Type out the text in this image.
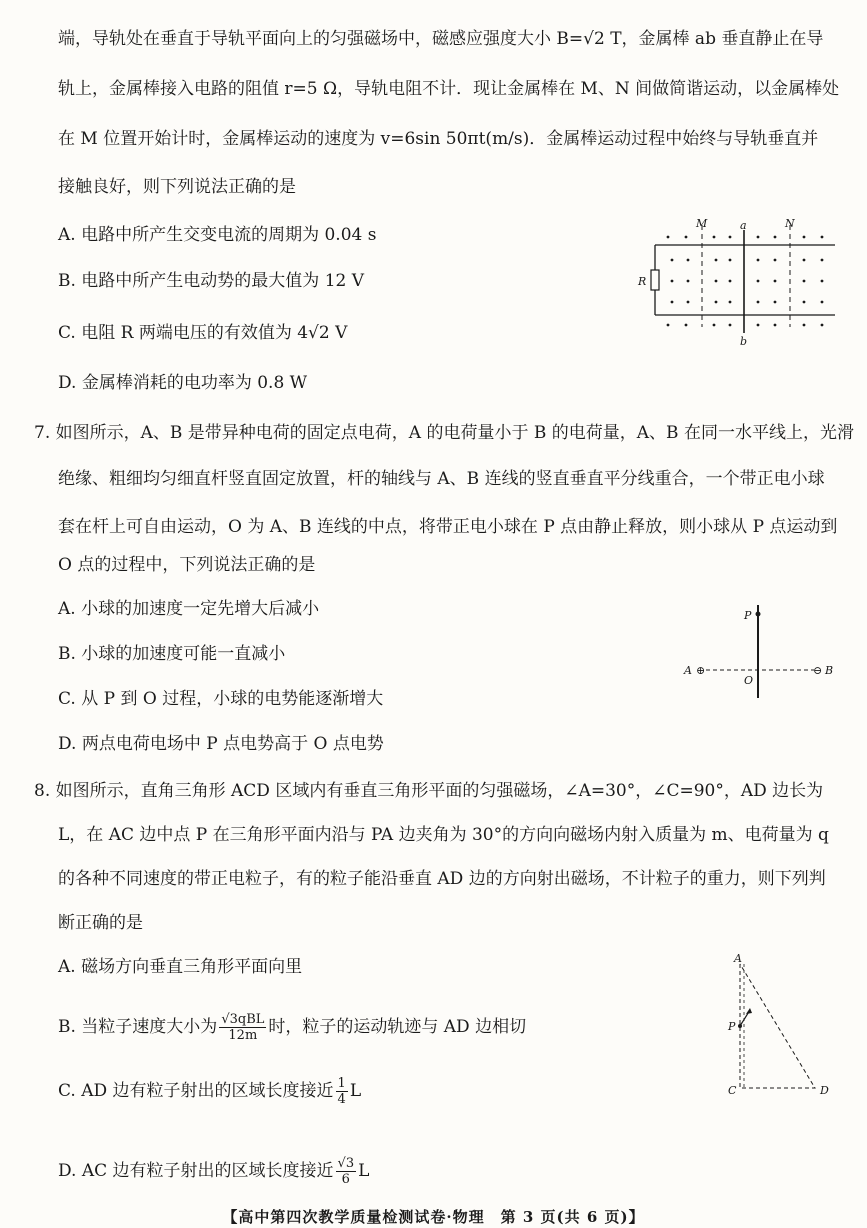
端，导轨处在垂直于导轨平面向上的匀强磁场中，磁感应强度大小 B=√2 T，金属棒 ab 垂直静止在导
轨上，金属棒接入电路的阻值 r=5 Ω，导轨电阻不计．现让金属棒在 M、N 间做简谐运动，以金属棒处
在 M 位置开始计时，金属棒运动的速度为 v=6sin 50πt(m/s)．金属棒运动过程中始终与导轨垂直并
接触良好，则下列说法正确的是
A. 电路中所产生交变电流的周期为 0.04 s
B. 电路中所产生电动势的最大值为 12 V
C. 电阻 R 两端电压的有效值为 4√2 V
D. 金属棒消耗的电功率为 0.8 W
M	a	N
R
b
7. 如图所示，A、B 是带异种电荷的固定点电荷，A 的电荷量小于 B 的电荷量，A、B 在同一水平线上，光滑
绝缘、粗细均匀细直杆竖直固定放置，杆的轴线与 A、B 连线的竖直垂直平分线重合，一个带正电小球
套在杆上可自由运动，O 为 A、B 连线的中点，将带正电小球在 P 点由静止释放，则小球从 P 点运动到
O 点的过程中，下列说法正确的是
A. 小球的加速度一定先增大后减小
B. 小球的加速度可能一直减小
C. 从 P 到 O 过程，小球的电势能逐渐增大
D. 两点电荷电场中 P 点电势高于 O 点电势
P
A ⊕
O
⊖ B
8. 如图所示，直角三角形 ACD 区域内有垂直三角形平面的匀强磁场，∠A=30°，∠C=90°，AD 边长为
L，在 AC 边中点 P 在三角形平面内沿与 PA 边夹角为 30°的方向向磁场内射入质量为 m、电荷量为 q
的各种不同速度的带正电粒子，有的粒子能沿垂直 AD 边的方向射出磁场，不计粒子的重力，则下列判
断正确的是
A. 磁场方向垂直三角形平面向里
B. 当粒子速度大小为 $\frac{\text{√3qBL}}{12m}$ 时，粒子的运动轨迹与 AD 边相切
C. AD 边有粒子射出的区域长度接近 $\frac{1}{4}$ L
D. AC 边有粒子射出的区域长度接近 $\frac{√3}{6}$ L
A
P
C	D
【高中第四次教学质量检测试卷·物理　第 3 页(共 6 页)】
